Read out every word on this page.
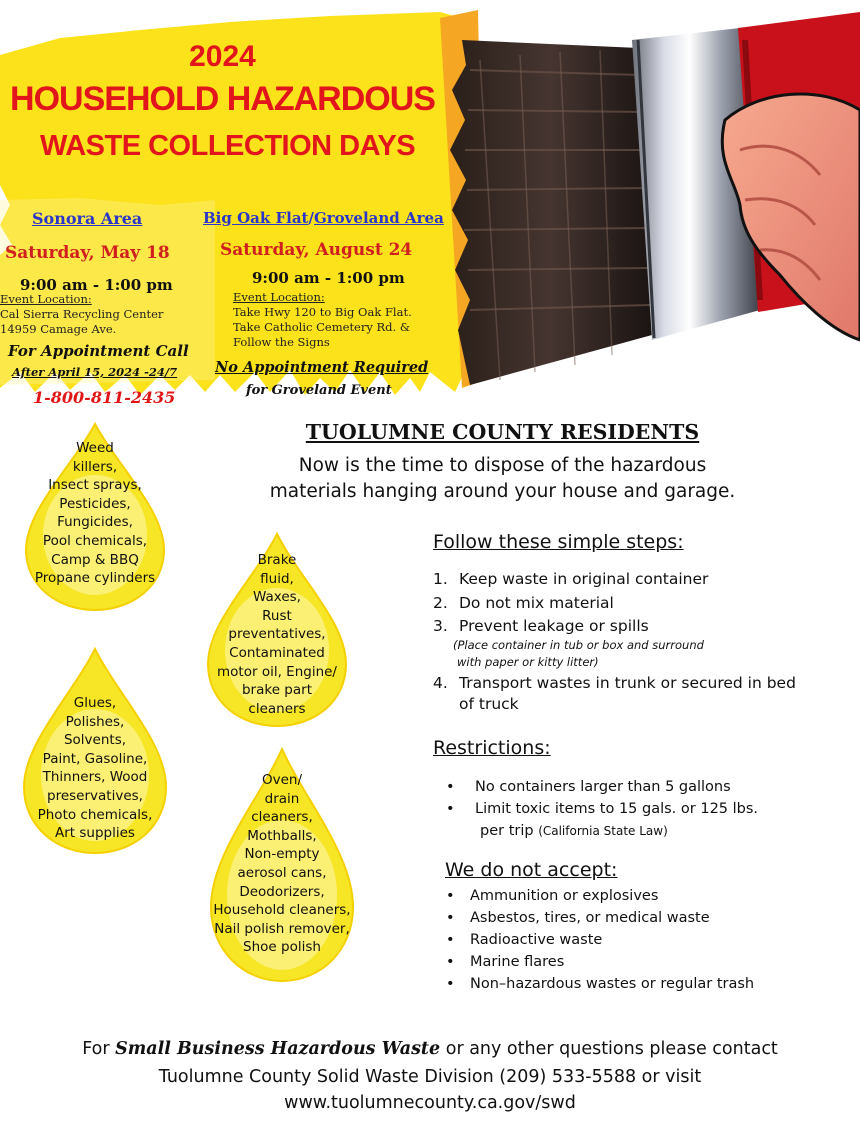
2024
HOUSEHOLD HAZARDOUS
WASTE COLLECTION DAYS
Sonora Area
Saturday, May 18
9:00 am - 1:00 pm
Event Location:
Cal Sierra Recycling Center
14959 Camage Ave.
For Appointment Call
After April 15, 2024 -24/7
1-800-811-2435
Big Oak Flat/Groveland Area
Saturday, August 24
9:00 am - 1:00 pm
Event Location:
Take Hwy 120 to Big Oak Flat.
Take Catholic Cemetery Rd. &
Follow the Signs
No Appointment Required
for Groveland Event
Weed
killers,
Insect sprays,
Pesticides,
Fungicides,
Pool chemicals,
Camp & BBQ
Propane cylinders
Brake
fluid,
Waxes,
Rust
preventatives,
Contaminated
motor oil, Engine/
brake part
cleaners
Glues,
Polishes,
Solvents,
Paint, Gasoline,
Thinners, Wood
preservatives,
Photo chemicals,
Art supplies
Oven/
drain
cleaners,
Mothballs,
Non-empty
aerosol cans,
Deodorizers,
Household cleaners,
Nail polish remover,
Shoe polish
TUOLUMNE COUNTY RESIDENTS
Now is the time to dispose of the hazardous
materials hanging around your house and garage.
Follow these simple steps:
1. Keep waste in original container
2. Do not mix material
3. Prevent leakage or spills
(Place container in tub or box and surround
with paper or kitty litter)
4. Transport wastes in trunk or secured in bed
of truck
Restrictions:
• No containers larger than 5 gallons
• Limit toxic items to 15 gals. or 125 lbs.
per trip (California State Law)
We do not accept:
• Ammunition or explosives
• Asbestos, tires, or medical waste
• Radioactive waste
• Marine flares
• Non–hazardous wastes or regular trash
For Small Business Hazardous Waste or any other questions please contact
Tuolumne County Solid Waste Division (209) 533-5588 or visit
www.tuolumnecounty.ca.gov/swd
